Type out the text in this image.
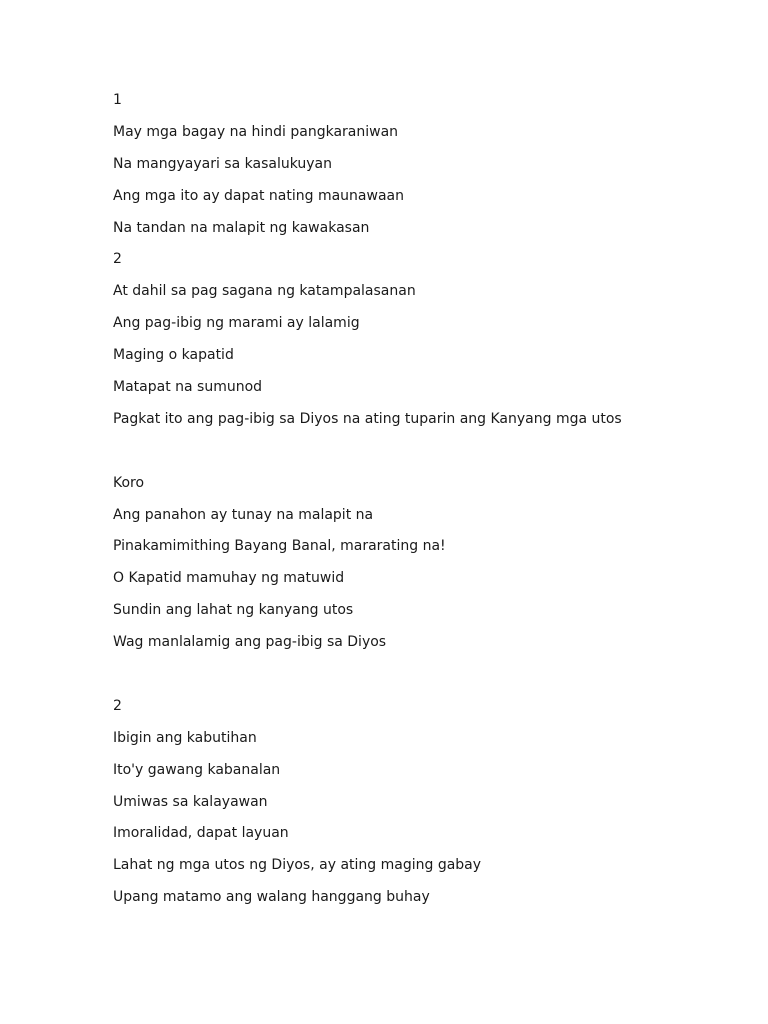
1
May mga bagay na hindi pangkaraniwan
Na mangyayari sa kasalukuyan
Ang mga ito ay dapat nating maunawaan
Na tandan na malapit ng kawakasan
2
At dahil sa pag sagana ng katampalasanan
Ang pag-ibig ng marami ay lalamig
Maging o kapatid
Matapat na sumunod
Pagkat ito ang pag-ibig sa Diyos na ating tuparin ang Kanyang mga utos
Koro
Ang panahon ay tunay na malapit na
Pinakamimithing Bayang Banal, mararating na!
O Kapatid mamuhay ng matuwid
Sundin ang lahat ng kanyang utos
Wag manlalamig ang pag-ibig sa Diyos
2
Ibigin ang kabutihan
Ito'y gawang kabanalan
Umiwas sa kalayawan
Imoralidad, dapat layuan
Lahat ng mga utos ng Diyos, ay ating maging gabay
Upang matamo ang walang hanggang buhay
